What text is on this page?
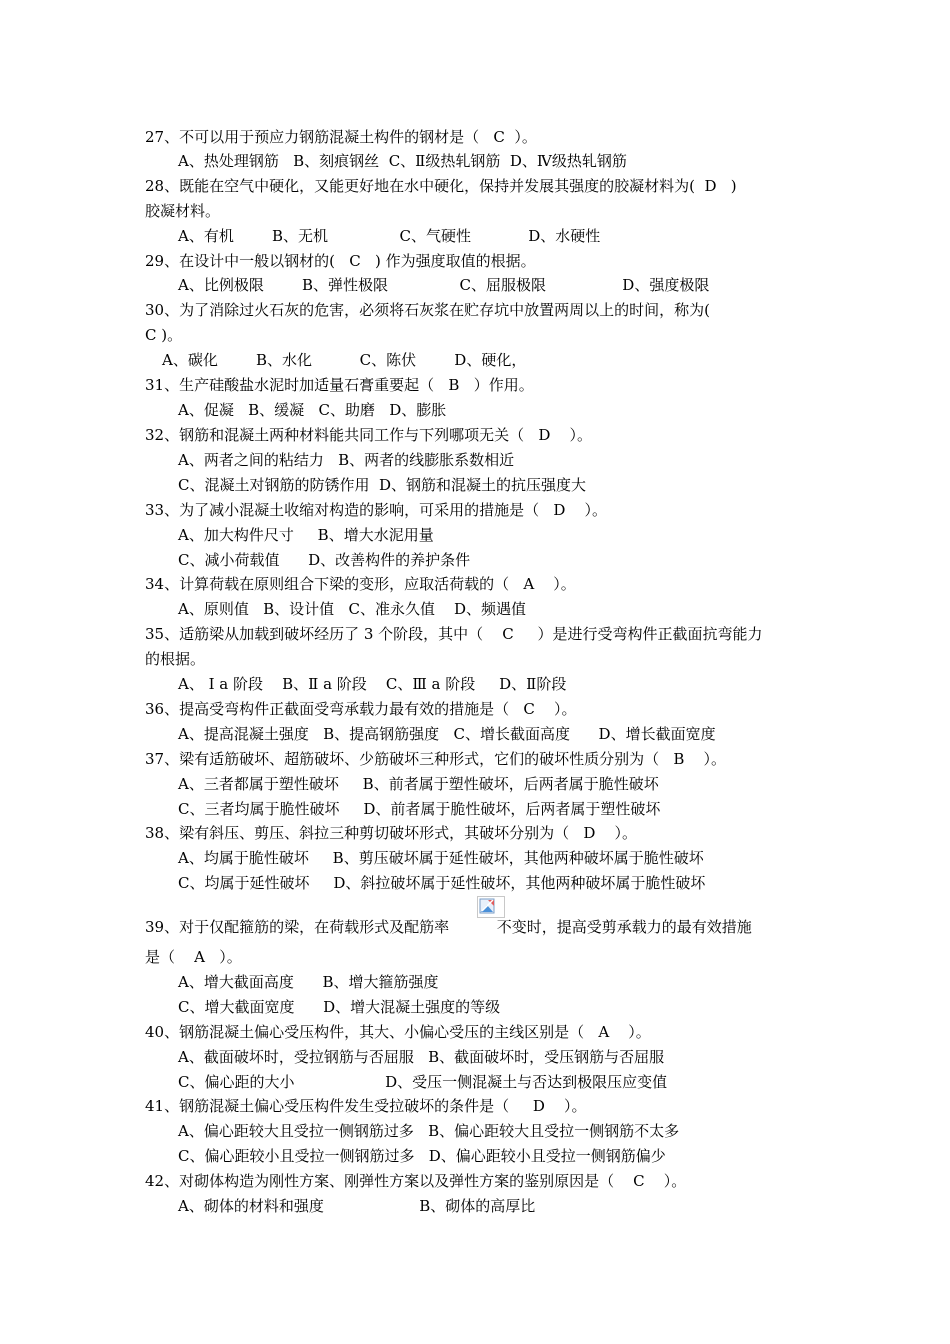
27、不可以用于预应力钢筋混凝土构件的钢材是（   C  ）。
A、热处理钢筋   B、刻痕钢丝  C、Ⅱ级热轧钢筋  D、Ⅳ级热轧钢筋
28、既能在空气中硬化，又能更好地在水中硬化，保持并发展其强度的胶凝材料为(  D   )
胶凝材料。
A、有机        B、无机               C、气硬性            D、水硬性
29、在设计中一般以钢材的(   C   ) 作为强度取值的根据。
A、比例极限        B、弹性极限               C、屈服极限                D、强度极限
30、为了消除过火石灰的危害，必须将石灰浆在贮存坑中放置两周以上的时间，称为(
C )。
A、碳化        B、水化          C、陈伏        D、硬化，
31、生产硅酸盐水泥时加适量石膏重要起（   B   ）作用。
A、促凝   B、缓凝   C、助磨   D、膨胀
32、钢筋和混凝土两种材料能共同工作与下列哪项无关（   D    ）。
A、两者之间的粘结力   B、两者的线膨胀系数相近
C、混凝土对钢筋的防锈作用  D、钢筋和混凝土的抗压强度大
33、为了减小混凝土收缩对构造的影响，可采用的措施是（   D    ）。
A、加大构件尺寸     B、增大水泥用量
C、减小荷载值      D、改善构件的养护条件
34、计算荷载在原则组合下梁的变形，应取活荷载的（   A    ）。
A、原则值   B、设计值   C、准永久值    D、频遇值
35、适筋梁从加载到破坏经历了 3 个阶段，其中（    C     ）是进行受弯构件正截面抗弯能力
的根据。
A、 Ⅰ a 阶段    B、Ⅱ a 阶段    C、Ⅲ a 阶段     D、Ⅱ阶段
36、提高受弯构件正截面受弯承载力最有效的措施是（   C    ）。
A、提高混凝土强度   B、提高钢筋强度   C、增长截面高度      D、增长截面宽度
37、梁有适筋破坏、超筋破坏、少筋破坏三种形式，它们的破坏性质分别为（   B    ）。
A、三者都属于塑性破坏     B、前者属于塑性破坏，后两者属于脆性破坏
C、三者均属于脆性破坏     D、前者属于脆性破坏，后两者属于塑性破坏
38、梁有斜压、剪压、斜拉三种剪切破坏形式，其破坏分别为（   D    ）。
A、均属于脆性破坏     B、剪压破坏属于延性破坏，其他两种破坏属于脆性破坏
C、均属于延性破坏     D、斜拉破坏属于延性破坏，其他两种破坏属于脆性破坏
39、对于仅配箍筋的梁，在荷载形式及配筋率          不变时，提高受剪承载力的最有效措施
是（    A   ）。
A、增大截面高度      B、增大箍筋强度
C、增大截面宽度      D、增大混凝土强度的等级
40、钢筋混凝土偏心受压构件，其大、小偏心受压的主线区别是（   A    ）。
A、截面破坏时，受拉钢筋与否屈服   B、截面破坏时，受压钢筋与否屈服
C、偏心距的大小                   D、受压一侧混凝土与否达到极限压应变值
41、钢筋混凝土偏心受压构件发生受拉破坏的条件是（     D    ）。
A、偏心距较大且受拉一侧钢筋过多   B、偏心距较大且受拉一侧钢筋不太多
C、偏心距较小且受拉一侧钢筋过多   D、偏心距较小且受拉一侧钢筋偏少
42、对砌体构造为刚性方案、刚弹性方案以及弹性方案的鉴别原因是（    C    ）。
A、砌体的材料和强度                    B、砌体的高厚比
